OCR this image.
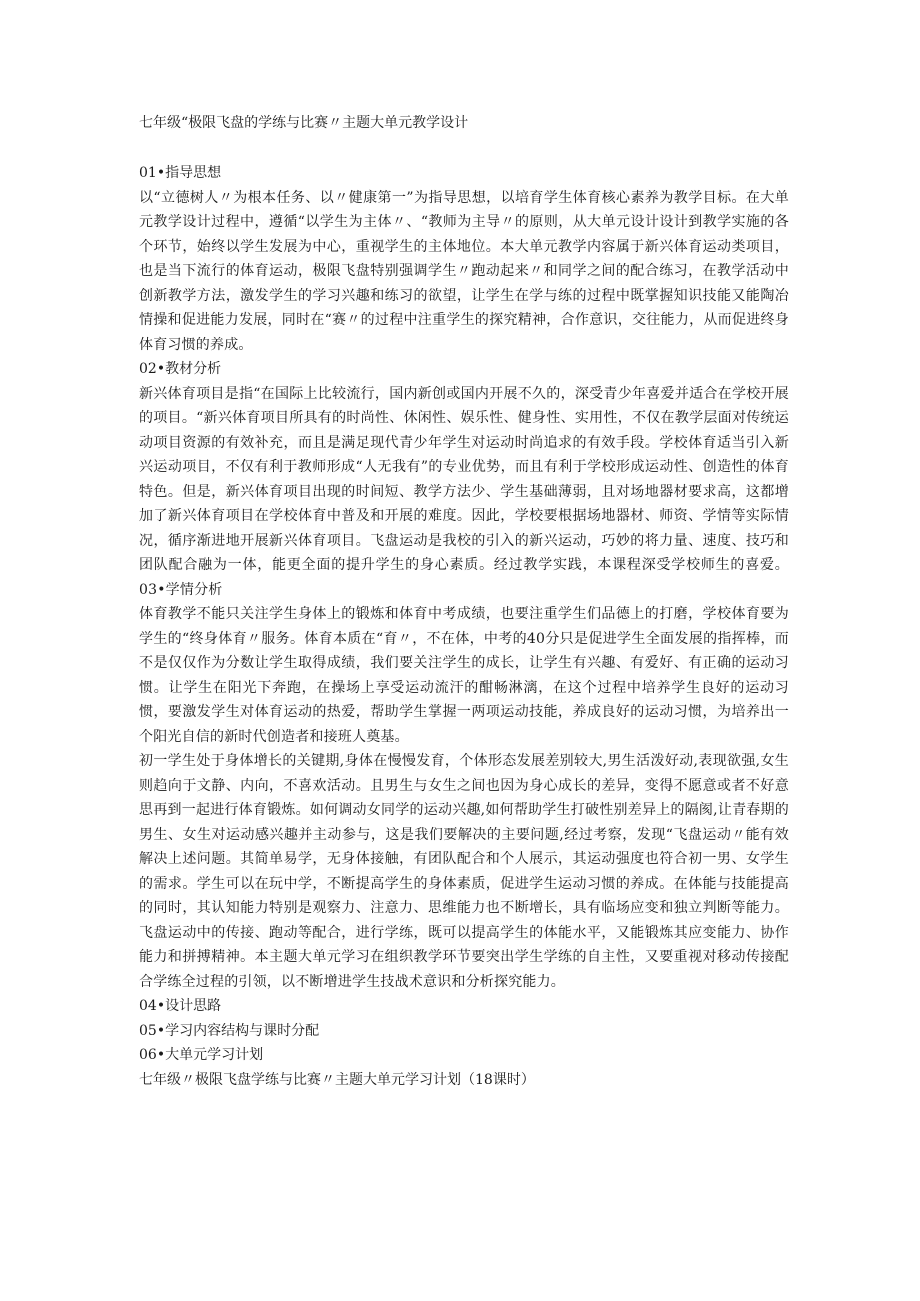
七年级“极限飞盘的学练与比赛〃主题大单元教学设计

01•指导思想

以“立德树人〃为根本任务、以〃健康第一”为指导思想，以培育学生体育核心素养为教学目标。在大单元教学设计过程中，遵循“以学生为主体〃、“教师为主导〃的原则，从大单元设计设计到教学实施的各个环节，始终以学生发展为中心，重视学生的主体地位。本大单元教学内容属于新兴体育运动类项目，也是当下流行的体育运动，极限飞盘特别强调学生〃跑动起来〃和同学之间的配合练习，在教学活动中创新教学方法，激发学生的学习兴趣和练习的欲望，让学生在学与练的过程中既掌握知识技能又能陶冶情操和促进能力发展，同时在“赛〃的过程中注重学生的探究精神，合作意识，交往能力，从而促进终身体育习惯的养成。

02•教材分析

新兴体育项目是指“在国际上比较流行，国内新创或国内开展不久的，深受青少年喜爱并适合在学校开展的项目。“新兴体育项目所具有的时尚性、休闲性、娱乐性、健身性、实用性，不仅在教学层面对传统运动项目资源的有效补充，而且是满足现代青少年学生对运动时尚追求的有效手段。学校体育适当引入新兴运动项目，不仅有利于教师形成“人无我有”的专业优势，而且有利于学校形成运动性、创造性的体育特色。但是，新兴体育项目出现的时间短、教学方法少、学生基础薄弱，且对场地器材要求高，这都增加了新兴体育项目在学校体育中普及和开展的难度。因此，学校要根据场地器材、师资、学情等实际情况，循序渐进地开展新兴体育项目。飞盘运动是我校的引入的新兴运动，巧妙的将力量、速度、技巧和团队配合融为一体，能更全面的提升学生的身心素质。经过教学实践，本课程深受学校师生的喜爱。03•学情分析

体育教学不能只关注学生身体上的锻炼和体育中考成绩，也要注重学生们品德上的打磨，学校体育要为学生的“终身体育〃服务。体育本质在“育〃，不在体，中考的40分只是促进学生全面发展的指挥棒，而不是仅仅作为分数让学生取得成绩，我们要关注学生的成长，让学生有兴趣、有爱好、有正确的运动习惯。让学生在阳光下奔跑，在操场上享受运动流汗的酣畅淋漓，在这个过程中培养学生良好的运动习惯，要激发学生对体育运动的热爱，帮助学生掌握一两项运动技能，养成良好的运动习惯，为培养出一个阳光自信的新时代创造者和接班人奠基。

初一学生处于身体增长的关键期,身体在慢慢发育，个体形态发展差别较大,男生活泼好动,表现欲强,女生则趋向于文静、内向，不喜欢活动。且男生与女生之间也因为身心成长的差异，变得不愿意或者不好意思再到一起进行体育锻炼。如何调动女同学的运动兴趣,如何帮助学生打破性别差异上的隔阂,让青春期的男生、女生对运动感兴趣并主动参与，这是我们要解决的主要问题,经过考察，发现“飞盘运动〃能有效解决上述问题。其简单易学，无身体接触，有团队配合和个人展示，其运动强度也符合初一男、女学生的需求。学生可以在玩中学，不断提高学生的身体素质，促进学生运动习惯的养成。在体能与技能提高的同时，其认知能力特别是观察力、注意力、思维能力也不断增长，具有临场应变和独立判断等能力。飞盘运动中的传接、跑动等配合，进行学练，既可以提高学生的体能水平，又能锻炼其应变能力、协作能力和拼搏精神。本主题大单元学习在组织教学环节要突出学生学练的自主性，又要重视对移动传接配合学练全过程的引领，以不断增进学生技战术意识和分析探究能力。

04•设计思路

05•学习内容结构与课时分配

06•大单元学习计划

七年级〃极限飞盘学练与比赛〃主题大单元学习计划（18课时）
